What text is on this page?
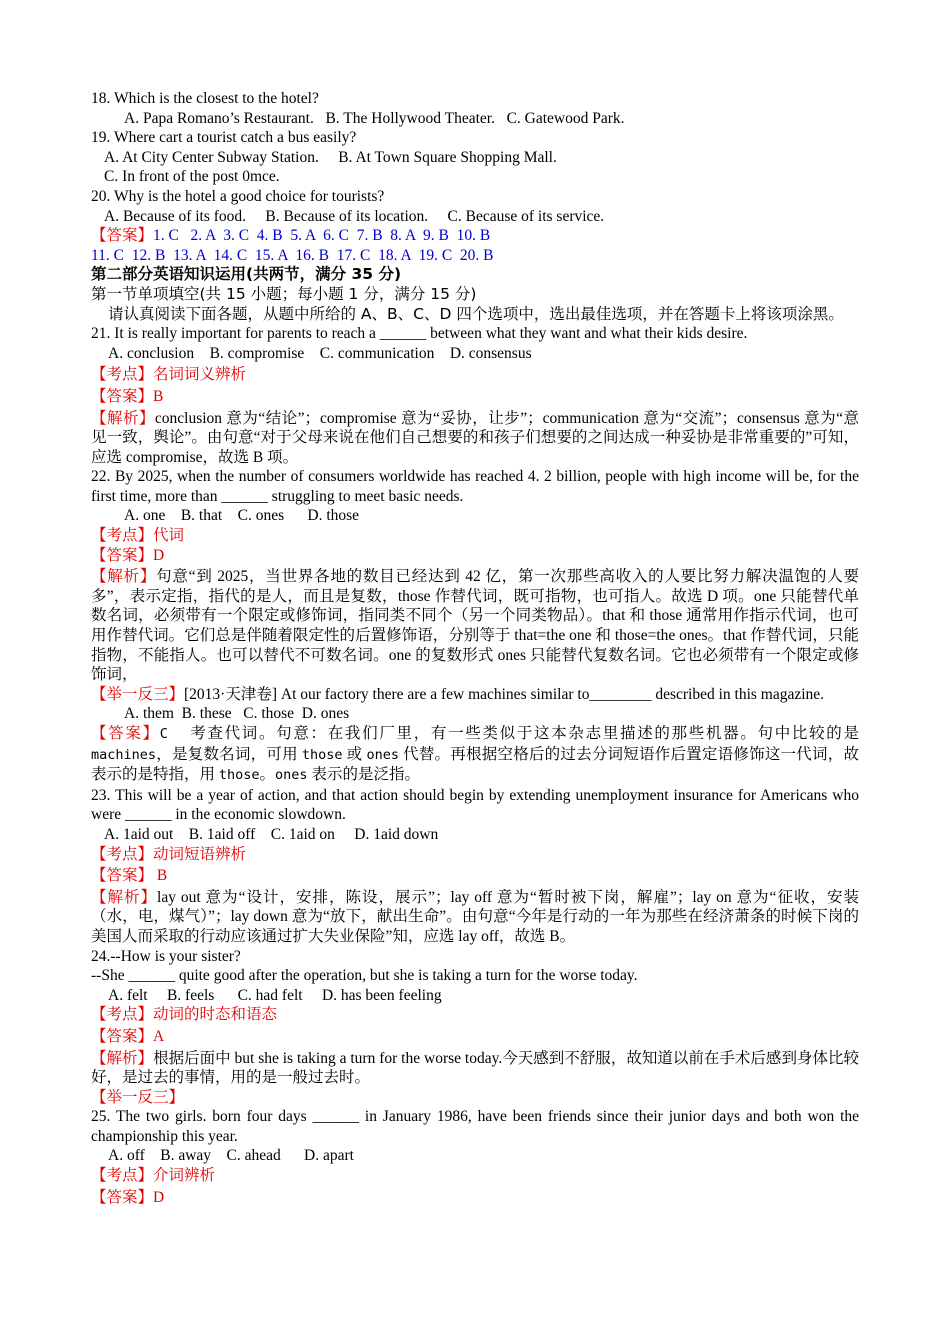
18. Which is the closest to the hotel?
A. Papa Romano’s Restaurant.   B. The Hollywood Theater.   C. Gatewood Park.
19. Where cart a tourist catch a bus easily?
A. At City Center Subway Station.     B. At Town Square Shopping Mall.
C. In front of the post 0mce.
20. Why is the hotel a good choice for tourists?
A. Because of its food.     B. Because of its location.     C. Because of its service.
【答案】1. C   2. A  3. C  4. B  5. A  6. C  7. B  8. A  9. B  10. B
11. C  12. B  13. A  14. C  15. A  16. B  17. C  18. A  19. C  20. B
第二部分英语知识运用(共两节，满分 35 分)
第一节单项填空(共 15 小题；每小题 1 分，满分 15 分)
请认真阅读下面各题，从题中所给的 A、B、C、D 四个选项中，选出最佳选项，并在答题卡上将该项涂黑。
21. It is really important for parents to reach a ______ between what they want and what their kids desire.
A. conclusion    B. compromise    C. communication    D. consensus
【考点】名词词义辨析
【答案】B
【解析】conclusion 意为“结论”；compromise 意为“妥协，让步”；communication 意为“交流”；consensus 意为“意见一致，舆论”。由句意“对于父母来说在他们自己想要的和孩子们想要的之间达成一种妥协是非常重要的”可知，应选 compromise，故选 B 项。
22. By 2025, when the number of consumers worldwide has reached 4. 2 billion, people with high income will be, for the first time, more than ______ struggling to meet basic needs.
A. one    B. that    C. ones      D. those
【考点】代词
【答案】D
【解析】句意“到 2025，当世界各地的数目已经达到 42 亿，第一次那些高收入的人要比努力解决温饱的人要多”，表示定指，指代的是人，而且是复数，those 作替代词，既可指物，也可指人。故选 D 项。one 只能替代单数名词，必须带有一个限定或修饰词，指同类不同个（另一个同类物品）。that 和 those 通常用作指示代词，也可用作替代词。它们总是伴随着限定性的后置修饰语，分别等于 that=the one 和 those=the ones。that 作替代词，只能指物，不能指人。也可以替代不可数名词。one 的复数形式 ones 只能替代复数名词。它也必须带有一个限定或修饰词，
【举一反三】[2013·天津卷] At our factory there are a few machines similar to________ described in this magazine.
A. them  B. these   C. those  D. ones
【答案】C 考查代词。句意：在我们厂里，有一些类似于这本杂志里描述的那些机器。句中比较的是machines，是复数名词，可用 those 或 ones 代替。再根据空格后的过去分词短语作后置定语修饰这一代词，故表示的是特指，用 those。ones 表示的是泛指。
23. This will be a year of action, and that action should begin by extending unemployment insurance for Americans who were ______ in the economic slowdown.
A. 1aid out    B. 1aid off    C. 1aid on     D. 1aid down
【考点】动词短语辨析
【答案】 B
【解析】lay out 意为“设计，安排，陈设，展示”；lay off 意为“暂时被下岗，解雇”；lay on 意为“征收，安装（水，电，煤气）”；lay down 意为“放下，献出生命”。由句意“今年是行动的一年为那些在经济萧条的时候下岗的美国人而采取的行动应该通过扩大失业保险”知，应选 lay off，故选 B。
24.--How is your sister?
--She ______ quite good after the operation, but she is taking a turn for the worse today.
A. felt     B. feels      C. had felt     D. has been feeling
【考点】动词的时态和语态
【答案】A
【解析】根据后面中 but she is taking a turn for the worse today.今天感到不舒服，故知道以前在手术后感到身体比较好，是过去的事情，用的是一般过去时。
【举一反三】
25. The two girls. born four days ______ in January 1986, have been friends since their junior days and both won the championship this year.
A. off    B. away    C. ahead      D. apart
【考点】介词辨析
【答案】D
